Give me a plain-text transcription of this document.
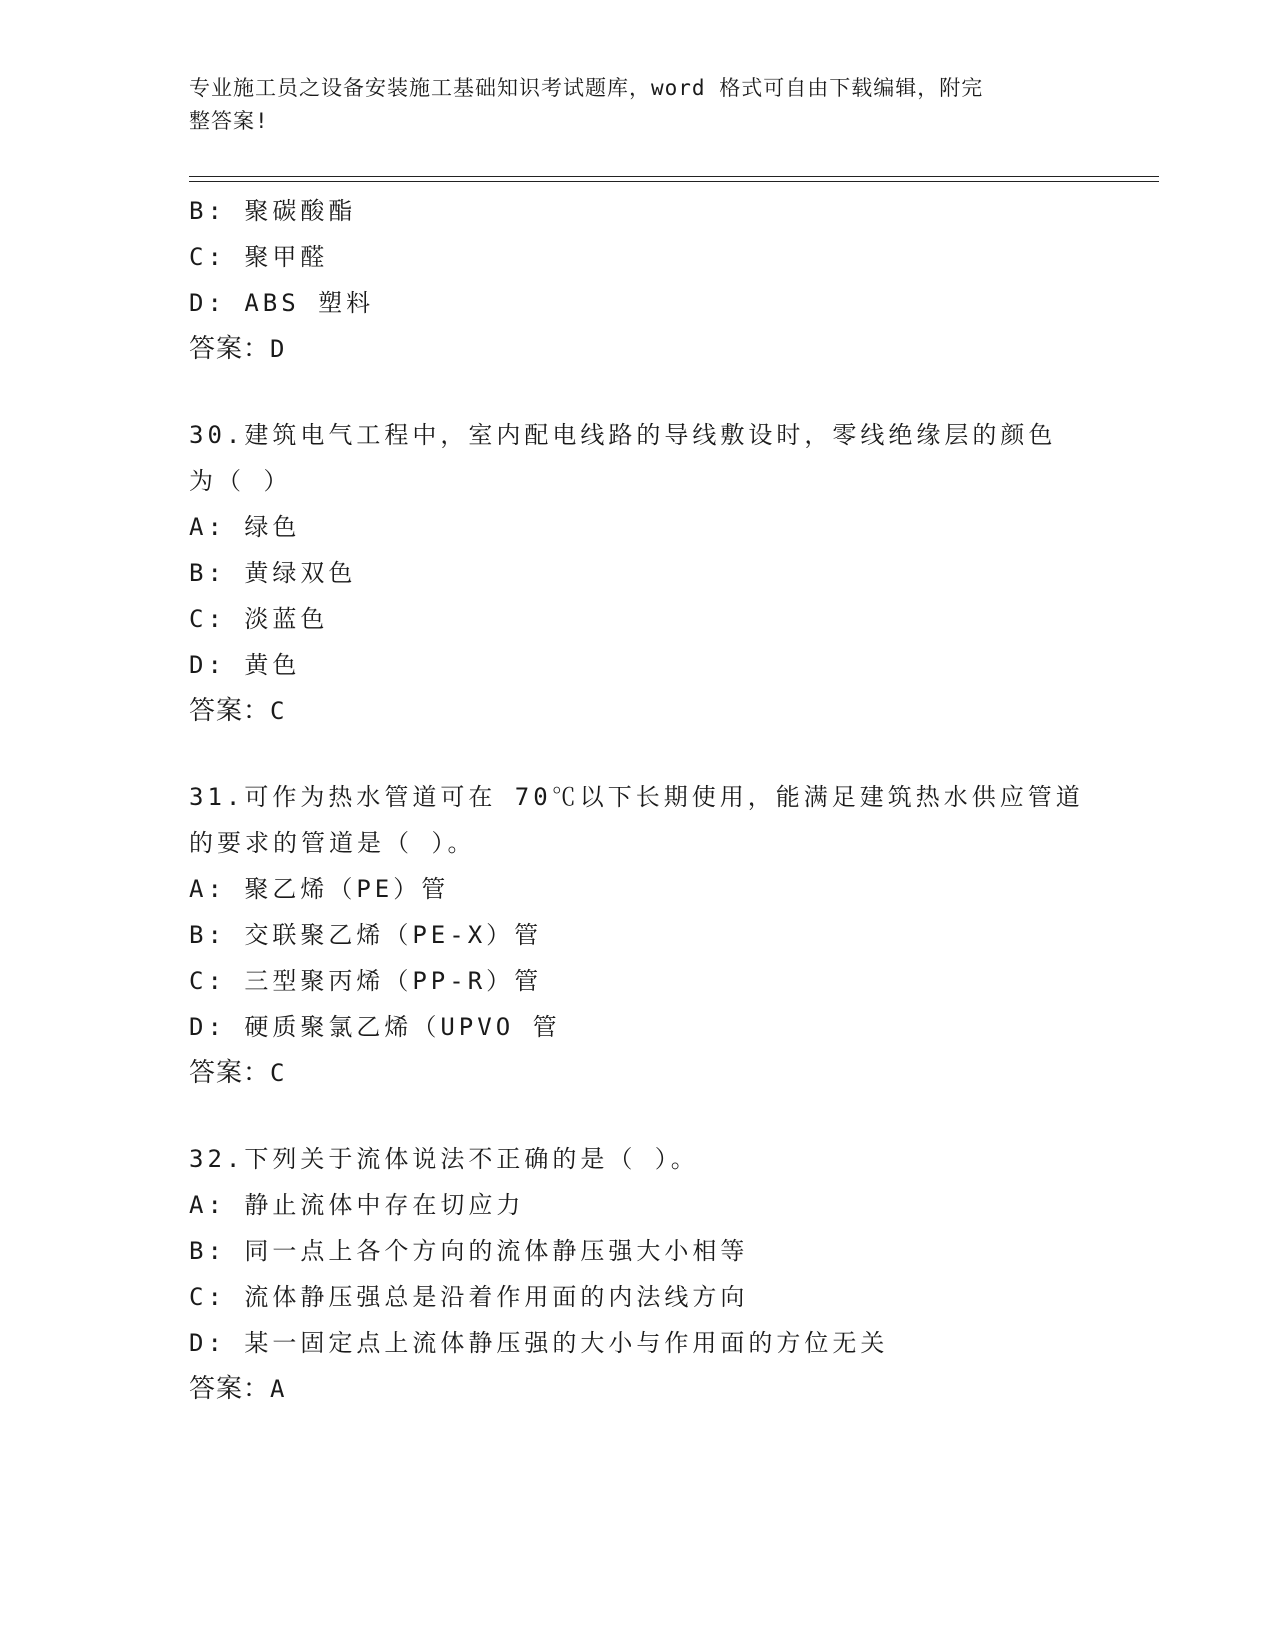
专业施工员之设备安装施工基础知识考试题库，word 格式可自由下载编辑，附完
整答案!
B: 聚碳酸酯
C: 聚甲醛
D: ABS 塑料
答案：D
30.建筑电气工程中，室内配电线路的导线敷设时，零线绝缘层的颜色
为（ ）
A: 绿色
B: 黄绿双色
C: 淡蓝色
D: 黄色
答案：C
31.可作为热水管道可在 70℃以下长期使用，能满足建筑热水供应管道
的要求的管道是（ ）。
A: 聚乙烯（PE）管
B: 交联聚乙烯（PE-X）管
C: 三型聚丙烯（PP-R）管
D: 硬质聚氯乙烯（UPVO 管
答案：C
32.下列关于流体说法不正确的是（ ）。
A: 静止流体中存在切应力
B: 同一点上各个方向的流体静压强大小相等
C: 流体静压强总是沿着作用面的内法线方向
D: 某一固定点上流体静压强的大小与作用面的方位无关
答案：A
